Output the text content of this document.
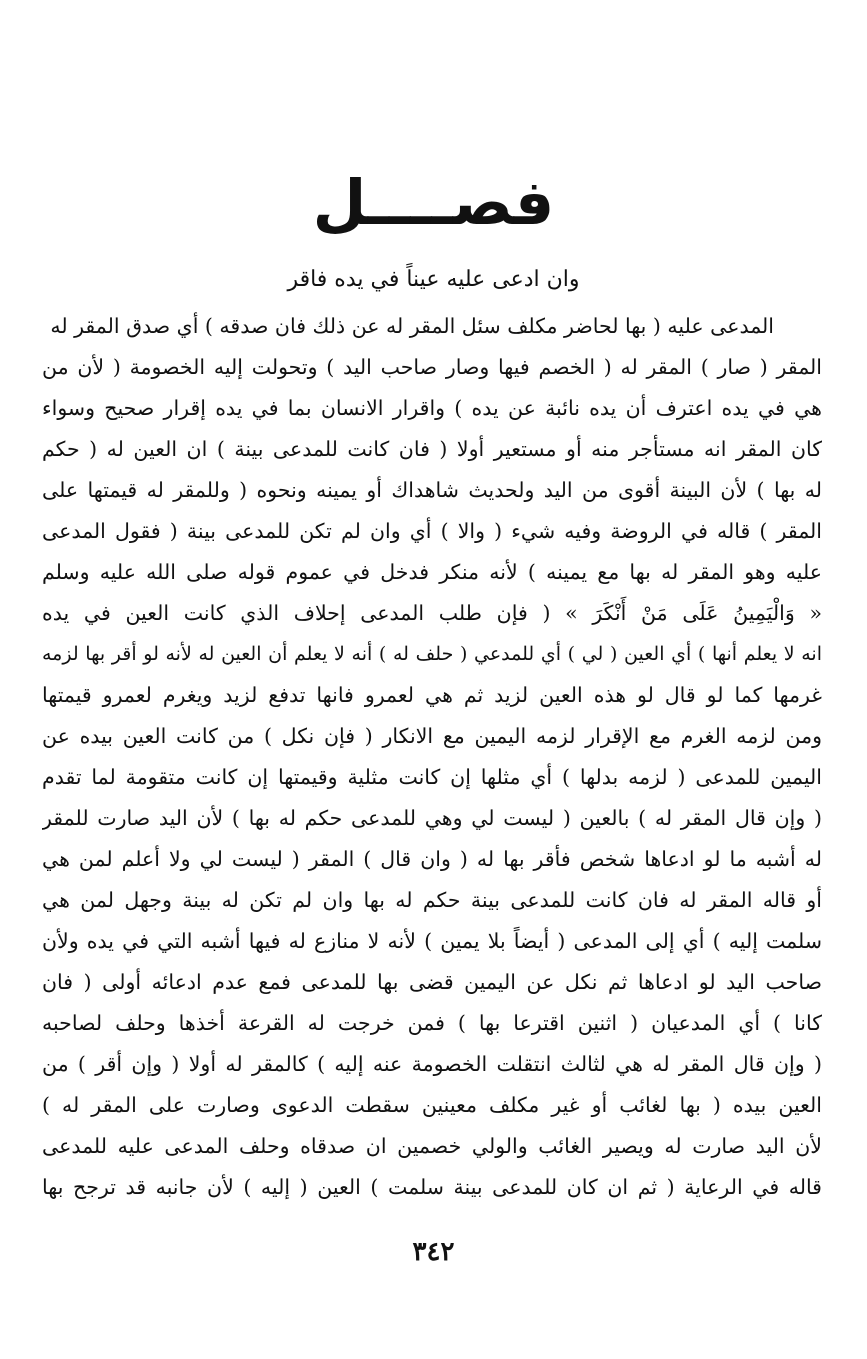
فصــــل
وان ادعى عليه عيناً في يده فاقر
المدعى عليه ( بها لحاضر مكلف سئل المقر له عن ذلك فان صدقه ) أي صدق المقر له
المقر ( صار ) المقر له ( الخصم فيها وصار صاحب اليد ) وتحولت إليه الخصومة ( لأن من
هي في يده اعترف أن يده نائبة عن يده ) واقرار الانسان بما في يده إقرار صحيح وسواء
كان المقر انه مستأجر منه أو مستعير أولا ( فان كانت للمدعى بينة ) ان العين له ( حكم
له بها ) لأن البينة أقوى من اليد ولحديث شاهداك أو يمينه ونحوه ( وللمقر له قيمتها على
المقر ) قاله في الروضة وفيه شيء ( والا ) أي وان لم تكن للمدعى بينة ( فقول المدعى
عليه وهو المقر له بها مع يمينه ) لأنه منكر فدخل في عموم قوله صلى الله عليه وسلم
« وَالْيَمِينُ عَلَى مَنْ أَنْكَرَ » ( فإن طلب المدعى إحلاف الذي كانت العين في يده
انه لا يعلم أنها ) أي العين ( لي ) أي للمدعي ( حلف له ) أنه لا يعلم أن العين له لأنه لو أقر بها لزمه
غرمها كما لو قال لو هذه العين لزيد ثم هي لعمرو فانها تدفع لزيد ويغرم لعمرو قيمتها
ومن لزمه الغرم مع الإقرار لزمه اليمين مع الانكار ( فإن نكل ) من كانت العين بيده عن
اليمين للمدعى ( لزمه بدلها ) أي مثلها إن كانت مثلية وقيمتها إن كانت متقومة لما تقدم
( وإن قال المقر له ) بالعين ( ليست لي وهي للمدعى حكم له بها ) لأن اليد صارت للمقر
له أشبه ما لو ادعاها شخص فأقر بها له ( وان قال ) المقر ( ليست لي ولا أعلم لمن هي
أو قاله المقر له فان كانت للمدعى بينة حكم له بها وان لم تكن له بينة وجهل لمن هي
سلمت إليه ) أي إلى المدعى ( أيضاً بلا يمين ) لأنه لا منازع له فيها أشبه التي في يده ولأن
صاحب اليد لو ادعاها ثم نكل عن اليمين قضى بها للمدعى فمع عدم ادعائه أولى ( فان
كانا ) أي المدعيان ( اثنين اقترعا بها ) فمن خرجت له القرعة أخذها وحلف لصاحبه
( وإن قال المقر له هي لثالث انتقلت الخصومة عنه إليه ) كالمقر له أولا ( وإن أقر ) من
العين بيده ( بها لغائب أو غير مكلف معينين سقطت الدعوى وصارت على المقر له )
لأن اليد صارت له ويصير الغائب والولي خصمين ان صدقاه وحلف المدعى عليه للمدعى
قاله في الرعاية ( ثم ان كان للمدعى بينة سلمت ) العين ( إليه ) لأن جانبه قد ترجح بها
٣٤٢
